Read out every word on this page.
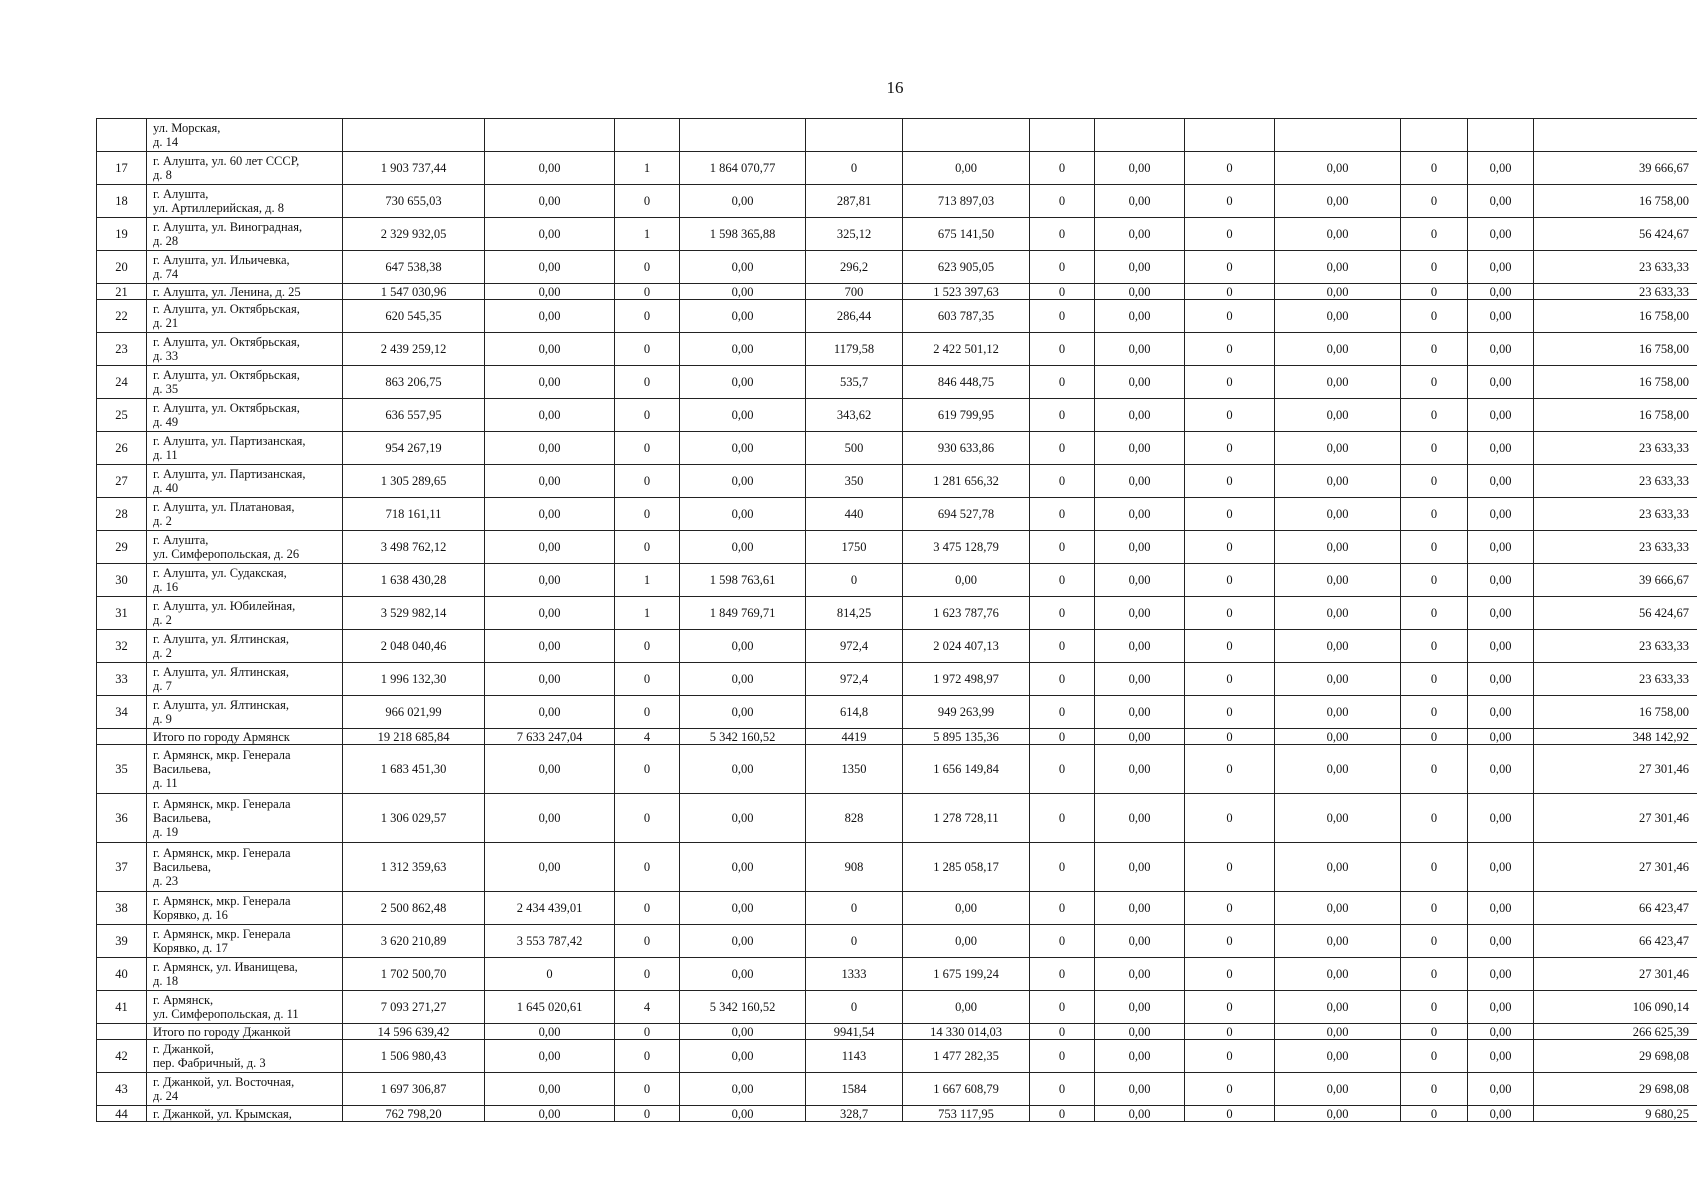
16

	ул. Морская,
д. 14													

17	г. Алушта, ул. 60 лет СССР,
д. 8	1 903 737,44	0,00	1	1 864 070,77	0	0,00	0	0,00	0	0,00	0	0,00	39 666,67
18	г. Алушта,
ул. Артиллерийская, д. 8	730 655,03	0,00	0	0,00	287,81	713 897,03	0	0,00	0	0,00	0	0,00	16 758,00
19	г. Алушта, ул. Виноградная,
д. 28	2 329 932,05	0,00	1	1 598 365,88	325,12	675 141,50	0	0,00	0	0,00	0	0,00	56 424,67
20	г. Алушта, ул. Ильичевка,
д. 74	647 538,38	0,00	0	0,00	296,2	623 905,05	0	0,00	0	0,00	0	0,00	23 633,33
21	г. Алушта, ул. Ленина, д. 25	1 547 030,96	0,00	0	0,00	700	1 523 397,63	0	0,00	0	0,00	0	0,00	23 633,33
22	г. Алушта, ул. Октябрьская,
д. 21	620 545,35	0,00	0	0,00	286,44	603 787,35	0	0,00	0	0,00	0	0,00	16 758,00
23	г. Алушта, ул. Октябрьская,
д. 33	2 439 259,12	0,00	0	0,00	1179,58	2 422 501,12	0	0,00	0	0,00	0	0,00	16 758,00
24	г. Алушта, ул. Октябрьская,
д. 35	863 206,75	0,00	0	0,00	535,7	846 448,75	0	0,00	0	0,00	0	0,00	16 758,00
25	г. Алушта, ул. Октябрьская,
д. 49	636 557,95	0,00	0	0,00	343,62	619 799,95	0	0,00	0	0,00	0	0,00	16 758,00
26	г. Алушта, ул. Партизанская,
д. 11	954 267,19	0,00	0	0,00	500	930 633,86	0	0,00	0	0,00	0	0,00	23 633,33
27	г. Алушта, ул. Партизанская,
д. 40	1 305 289,65	0,00	0	0,00	350	1 281 656,32	0	0,00	0	0,00	0	0,00	23 633,33
28	г. Алушта, ул. Платановая,
д. 2	718 161,11	0,00	0	0,00	440	694 527,78	0	0,00	0	0,00	0	0,00	23 633,33
29	г. Алушта,
ул. Симферопольская, д. 26	3 498 762,12	0,00	0	0,00	1750	3 475 128,79	0	0,00	0	0,00	0	0,00	23 633,33
30	г. Алушта, ул. Судакская,
д. 16	1 638 430,28	0,00	1	1 598 763,61	0	0,00	0	0,00	0	0,00	0	0,00	39 666,67
31	г. Алушта, ул. Юбилейная,
д. 2	3 529 982,14	0,00	1	1 849 769,71	814,25	1 623 787,76	0	0,00	0	0,00	0	0,00	56 424,67
32	г. Алушта, ул. Ялтинская,
д. 2	2 048 040,46	0,00	0	0,00	972,4	2 024 407,13	0	0,00	0	0,00	0	0,00	23 633,33
33	г. Алушта, ул. Ялтинская,
д. 7	1 996 132,30	0,00	0	0,00	972,4	1 972 498,97	0	0,00	0	0,00	0	0,00	23 633,33
34	г. Алушта, ул. Ялтинская,
д. 9	966 021,99	0,00	0	0,00	614,8	949 263,99	0	0,00	0	0,00	0	0,00	16 758,00

	Итого по городу Армянск	19 218 685,84	7 633 247,04	4	5 342 160,52	4419	5 895 135,36	0	0,00	0	0,00	0	0,00	348 142,92
35	г. Армянск, мкр. Генерала
Васильева,
д. 11	1 683 451,30	0,00	0	0,00	1350	1 656 149,84	0	0,00	0	0,00	0	0,00	27 301,46
36	г. Армянск, мкр. Генерала
Васильева,
д. 19	1 306 029,57	0,00	0	0,00	828	1 278 728,11	0	0,00	0	0,00	0	0,00	27 301,46
37	г. Армянск, мкр. Генерала
Васильева,
д. 23	1 312 359,63	0,00	0	0,00	908	1 285 058,17	0	0,00	0	0,00	0	0,00	27 301,46
38	г. Армянск, мкр. Генерала
Корявко, д. 16	2 500 862,48	2 434 439,01	0	0,00	0	0,00	0	0,00	0	0,00	0	0,00	66 423,47
39	г. Армянск, мкр. Генерала
Корявко, д. 17	3 620 210,89	3 553 787,42	0	0,00	0	0,00	0	0,00	0	0,00	0	0,00	66 423,47
40	г. Армянск, ул. Иванищева,
д. 18	1 702 500,70	0	0	0,00	1333	1 675 199,24	0	0,00	0	0,00	0	0,00	27 301,46
41	г. Армянск,
ул. Симферопольская, д. 11	7 093 271,27	1 645 020,61	4	5 342 160,52	0	0,00	0	0,00	0	0,00	0	0,00	106 090,14

	Итого по городу Джанкой	14 596 639,42	0,00	0	0,00	9941,54	14 330 014,03	0	0,00	0	0,00	0	0,00	266 625,39
42	г. Джанкой,
пер. Фабричный, д. 3	1 506 980,43	0,00	0	0,00	1143	1 477 282,35	0	0,00	0	0,00	0	0,00	29 698,08
43	г. Джанкой, ул. Восточная,
д. 24	1 697 306,87	0,00	0	0,00	1584	1 667 608,79	0	0,00	0	0,00	0	0,00	29 698,08
44	г. Джанкой, ул. Крымская,	762 798,20	0,00	0	0,00	328,7	753 117,95	0	0,00	0	0,00	0	0,00	9 680,25
